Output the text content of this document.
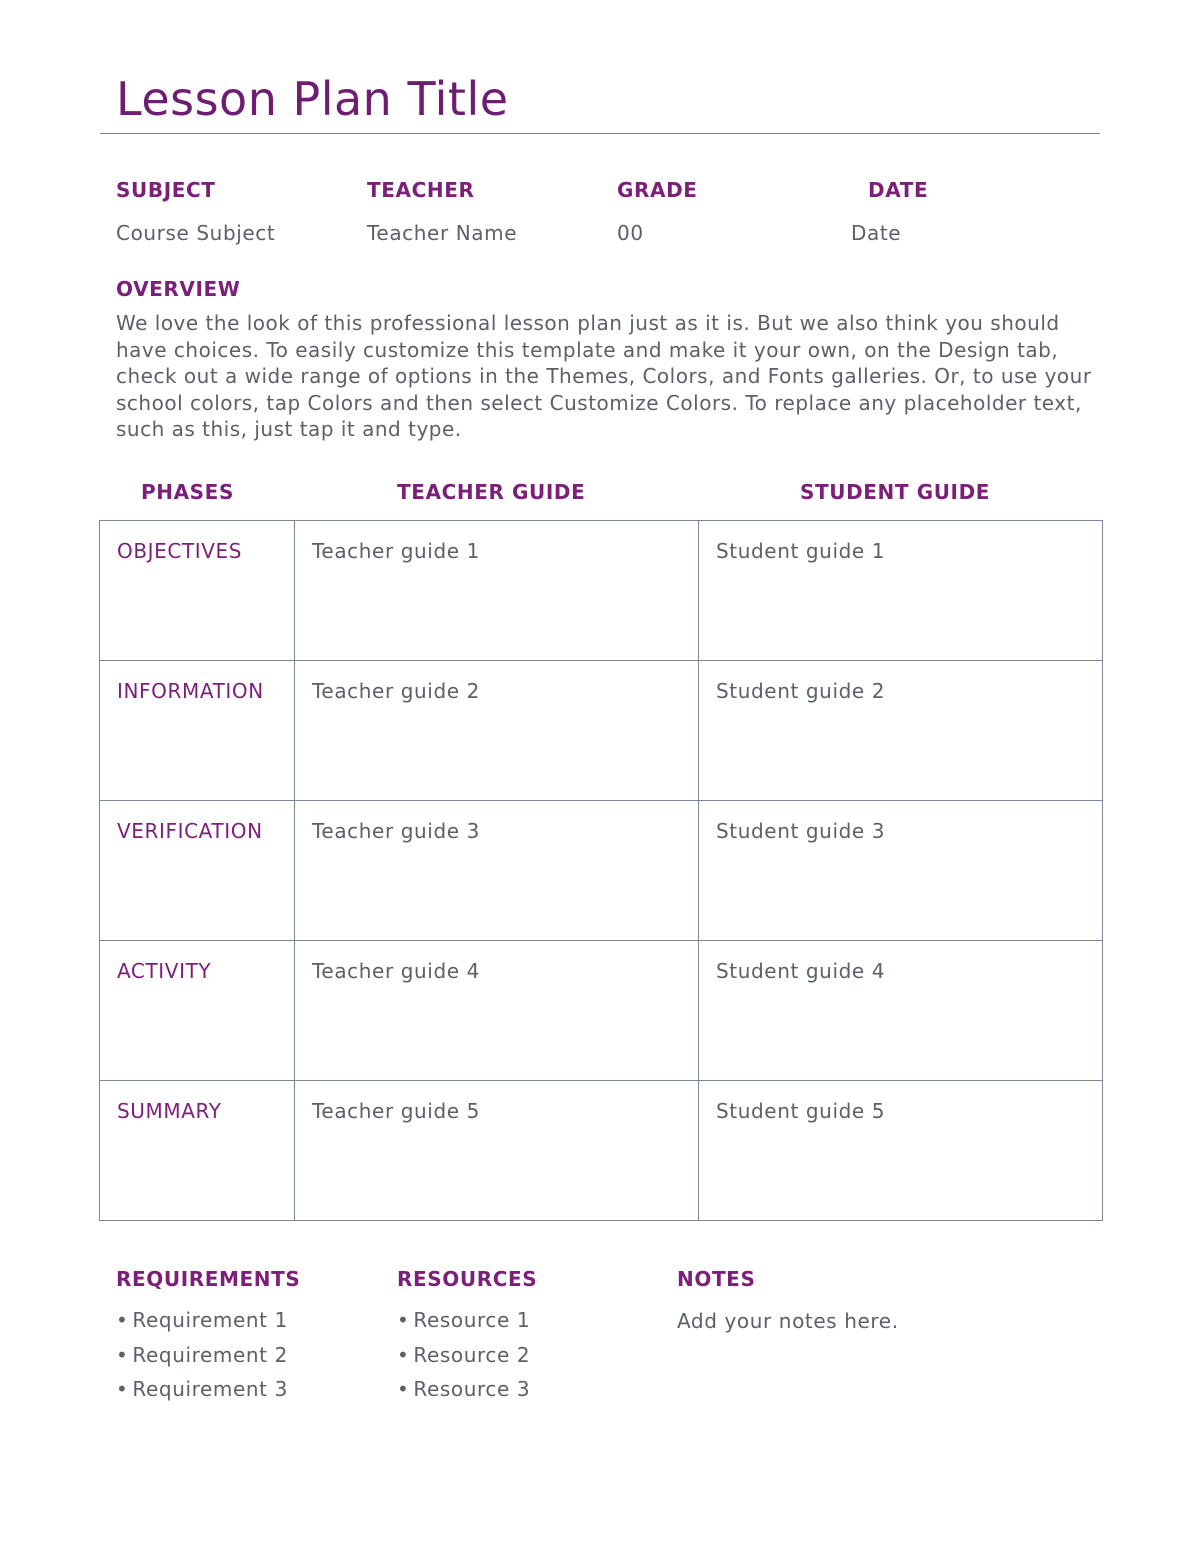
Lesson Plan Title
SUBJECT
Course Subject
TEACHER
Teacher Name
GRADE
00
DATE
Date
OVERVIEW

We love the look of this professional lesson plan just as it is. But we also think you should have choices. To easily customize this template and make it your own, on the Design tab, check out a wide range of options in the Themes, Colors, and Fonts galleries. Or, to use your school colors, tap Colors and then select Customize Colors. To replace any placeholder text, such as this, just tap it and type.

PHASES	TEACHER GUIDE	STUDENT GUIDE
OBJECTIVES	Teacher guide 1	Student guide 1
INFORMATION	Teacher guide 2	Student guide 2
VERIFICATION	Teacher guide 3	Student guide 3
ACTIVITY	Teacher guide 4	Student guide 4
SUMMARY	Teacher guide 5	Student guide 5
REQUIREMENTS
• Requirement 1
• Requirement 2
• Requirement 3
RESOURCES
• Resource 1
• Resource 2
• Resource 3
NOTES
Add your notes here.
